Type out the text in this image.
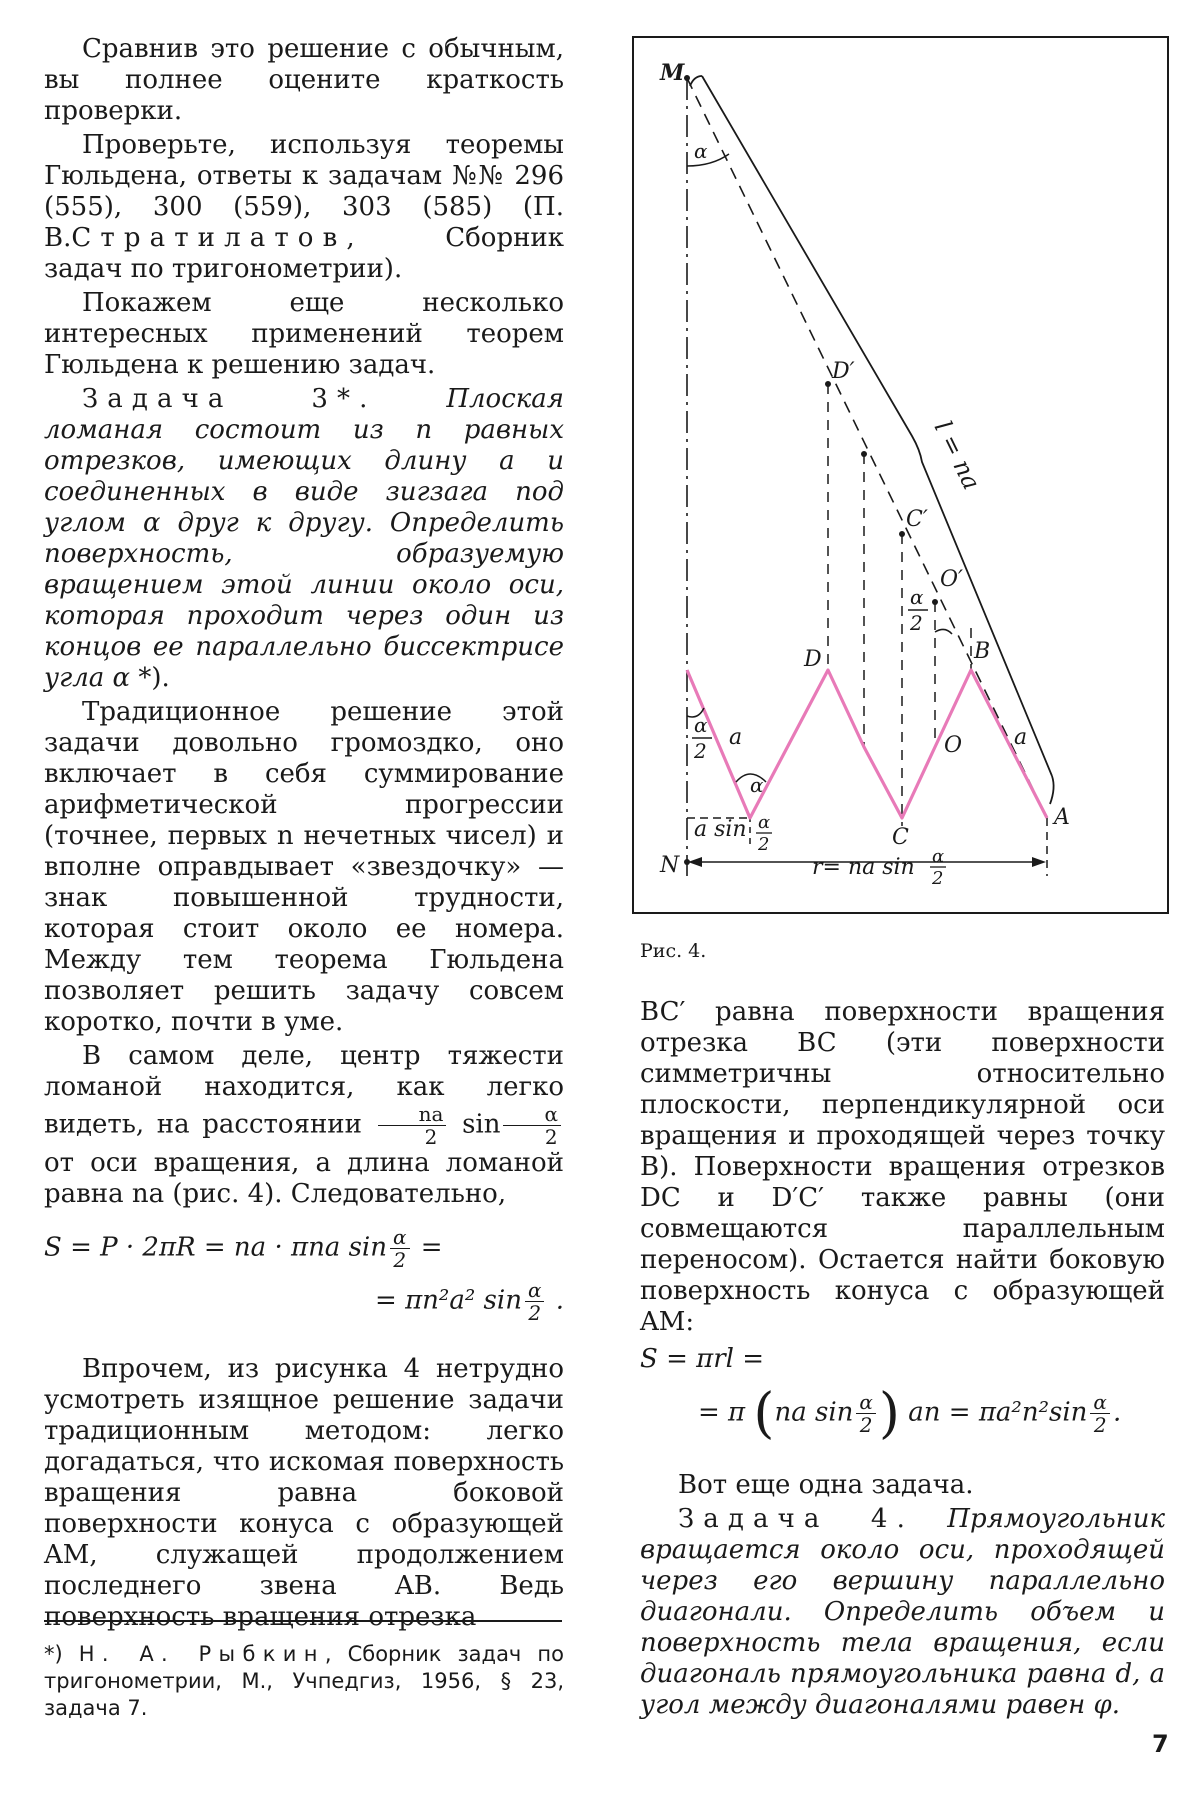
Сравнив это решение с обычным, вы полнее оцените краткость проверки.

Проверьте, используя теоремы Гюльдена, ответы к задачам №№ 296 (555), 300 (559), 303 (585) (П. В.Стратилатов, Сборник задач по тригонометрии).

Покажем еще несколько интересных применений теорем Гюльдена к решению задач.

Задача 3*.	Плоская ломаная состоит из n равных отрезков, имеющих длину a и соединенных в виде зигзага под углом α друг к другу. Определить поверхность, образуемую вращением этой линии около оси, которая проходит через один из концов ее параллельно биссектрисе угла α *).

Традиционное решение этой задачи довольно громоздко, оно включает в себя суммирование арифметической прогрессии (точнее, первых n нечетных чисел) и вполне оправдывает «звездочку» — знак повышенной трудности, которая стоит около ее номера. Между тем теорема Гюльдена позволяет решить задачу совсем коротко, почти в уме.

В самом деле, центр тяжести ломаной находится, как легко видеть, на расстоянии $\frac{na}{2}$ $\sin \frac{\alpha}{2}$
от оси вращения, а длина ломаной равна na (рис. 4). Следовательно,

S = P · 2πR = na · πna $\sin \frac{\alpha}{2}$ =
= πn²a² $\sin \frac{\alpha}{2}$ .

Впрочем, из рисунка 4 нетрудно усмотреть изящное решение задачи традиционным методом: легко догадаться, что искомая поверхность вращения равна боковой поверхности конуса с образующей AM, служащей продолжением последнего звена AB. Ведь поверхность вращения отрезка

*) Н. А. Рыбкин, Сборник задач по тригонометрии, М., Учпедгиз, 1956, § 23, задача 7.
M
N
A
B
C
D
O
C′
D′
O′
a	a
α
α
α
2
α
2
l = na
a sin α
2
r= na sin α
2
Рис. 4.

BC′ равна поверхности вращения отрезка BC (эти поверхности симметричны относительно плоскости, перпендикулярной оси вращения и проходящей через точку B). Поверхности вращения отрезков DC и D′C′ также равны (они совмещаются параллельным переносом). Остается найти боковую поверхность конуса с образующей AM:

S = πrl =
= π (na $\sin \frac{\alpha}{2}$ ) an = $\pi a^2n^2\sin \frac{\alpha}{2}$ .

Вот еще одна задача.

Задача 4. Прямоугольник вращается около оси, проходящей через его вершину параллельно диагонали. Определить объем и поверхность тела вращения, если диагональ прямоугольника равна d, а угол между диагоналями равен φ.

7
